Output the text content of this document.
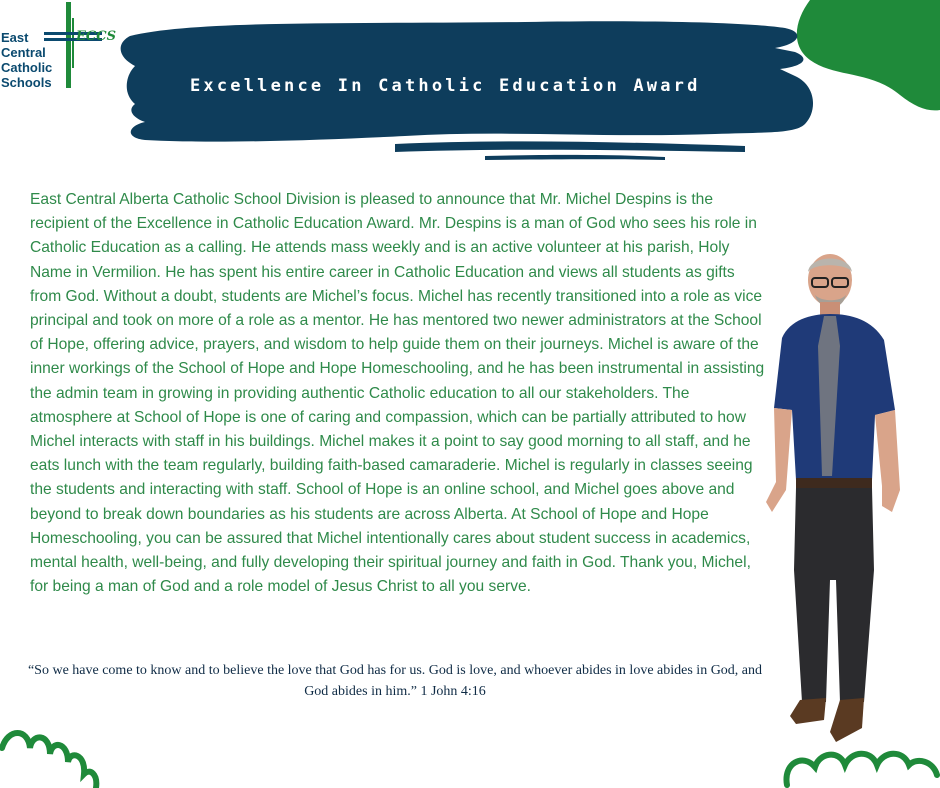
ECCS
East
Central
Catholic
Schools	Excellence In Catholic Education Award
East Central Alberta Catholic School Division is pleased to announce that Mr. Michel Despins is the recipient of the Excellence in Catholic Education Award. Mr. Despins is a man of God who sees his role in Catholic Education as a calling. He attends mass weekly and is an active volunteer at his parish, Holy Name in Vermilion. He has spent his entire career in Catholic Education and views all students as gifts from God. Without a doubt, students are Michel’s focus. Michel has recently transitioned into a role as vice principal and took on more of a role as a mentor. He has mentored two newer administrators at the School of Hope, offering advice, prayers, and wisdom to help guide them on their journeys. Michel is aware of the inner workings of the School of Hope and Hope Homeschooling, and he has been instrumental in assisting the admin team in growing in providing authentic Catholic education to all our stakeholders. The atmosphere at School of Hope is one of caring and compassion, which can be partially attributed to how Michel interacts with staff in his buildings. Michel makes it a point to say good morning to all staff, and he eats lunch with the team regularly, building faith-based camaraderie. Michel is regularly in classes seeing the students and interacting with staff. School of Hope is an online school, and Michel goes above and beyond to break down boundaries as his students are across Alberta. At School of Hope and Hope Homeschooling, you can be assured that Michel intentionally cares about student success in academics, mental health, well-being, and fully developing their spiritual journey and faith in God. Thank you, Michel, for being a man of God and a role model of Jesus Christ to all you serve.
“So we have come to know and to believe the love that God has for us. God is love, and whoever abides in love abides in God, and God abides in him.” 1 John 4:16
